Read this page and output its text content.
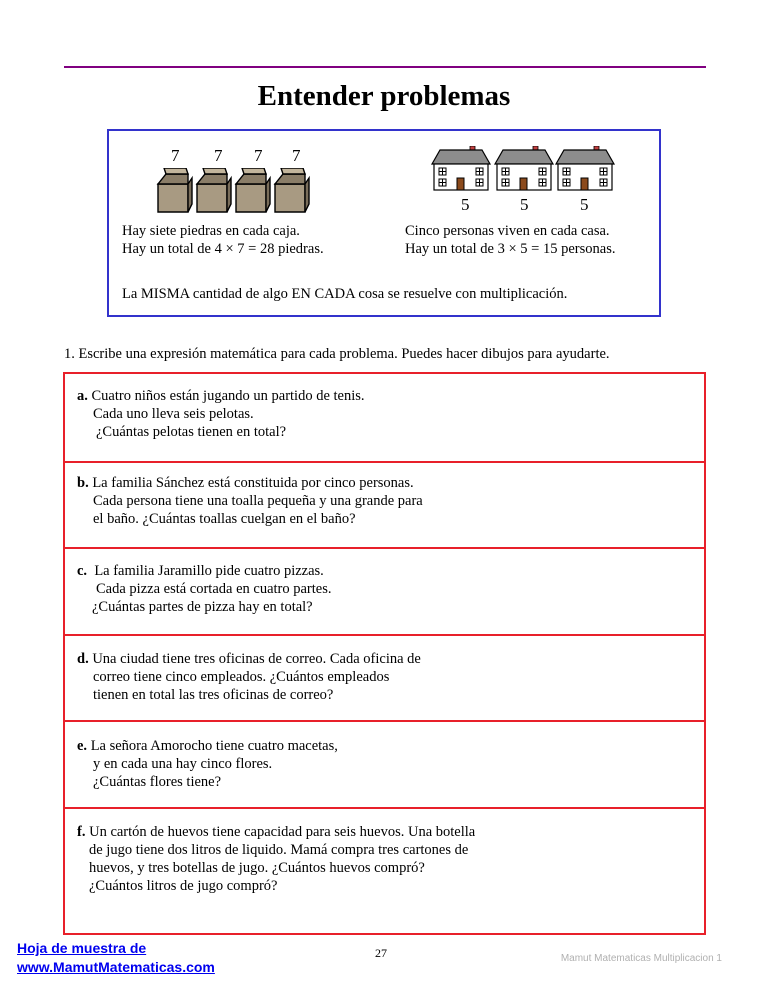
Entender problemas
7 7 7 7
5	5	5
Hay siete piedras en cada caja.
Hay un total de 4 × 7 = 28 piedras.
Cinco personas viven en cada casa.
Hay un total de 3 × 5 = 15 personas.
La MISMA cantidad de algo EN CADA cosa se resuelve con multiplicación.
1. Escribe una expresión matemática para cada problema. Puedes hacer dibujos para ayudarte.
a. Cuatro niños están jugando un partido de tenis.
Cada uno lleva seis pelotas.
¿Cuántas pelotas tienen en total?
b. La familia Sánchez está constituida por cinco personas.
Cada persona tiene una toalla pequeña y una grande para
el baño. ¿Cuántas toallas cuelgan en el baño?
c. La familia Jaramillo pide cuatro pizzas.
Cada pizza está cortada en cuatro partes.
¿Cuántas partes de pizza hay en total?
d. Una ciudad tiene tres oficinas de correo. Cada oficina de
correo tiene cinco empleados. ¿Cuántos empleados
tienen en total las tres oficinas de correo?
e. La señora Amorocho tiene cuatro macetas,
y en cada una hay cinco flores.
¿Cuántas flores tiene?
f. Un cartón de huevos tiene capacidad para seis huevos. Una botella
de jugo tiene dos litros de liquido. Mamá compra tres cartones de
huevos, y tres botellas de jugo. ¿Cuántos huevos compró?
¿Cuántos litros de jugo compró?
Hoja de muestra de
www.MamutMatematicas.com
27	Mamut Matematicas Multiplicacion 1
